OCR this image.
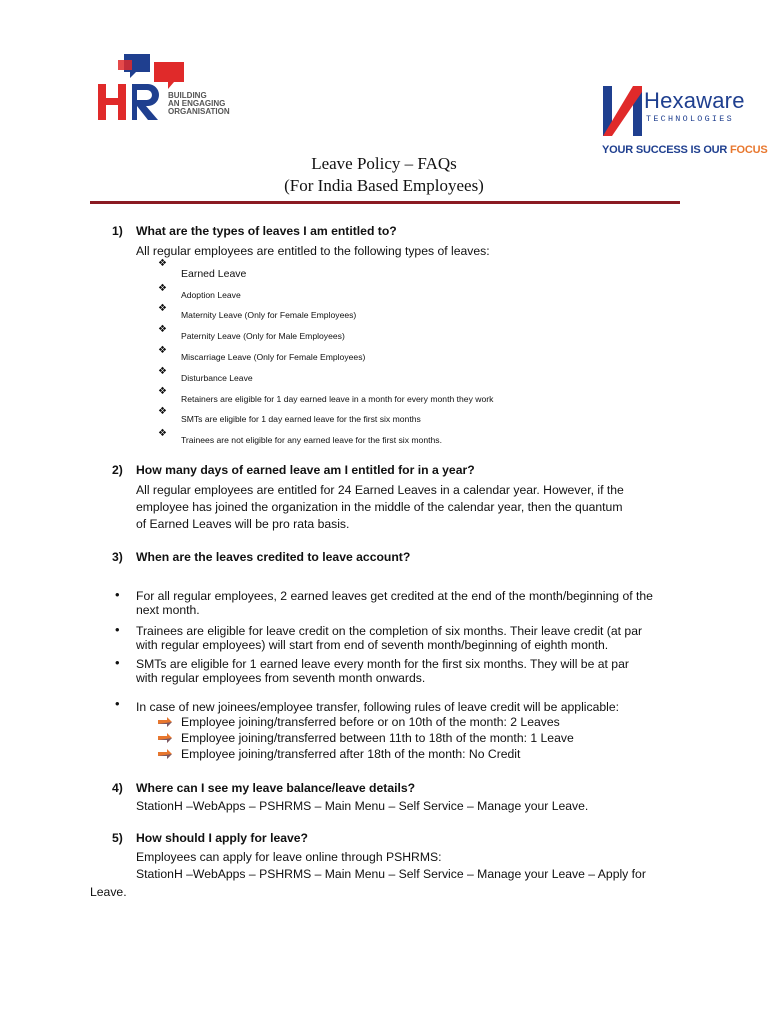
BUILDING
AN ENGAGING
ORGANISATION	Hexaware
TECHNOLOGIES
YOUR SUCCESS IS OUR FOCUS
Leave Policy – FAQs
(For India Based Employees)
1) What are the types of leaves I am entitled to?
All regular employees are entitled to the following types of leaves:
❖
Earned Leave
❖
Adoption Leave
❖
Maternity Leave (Only for Female Employees)
❖
Paternity Leave (Only for Male Employees)
❖
Miscarriage Leave (Only for Female Employees)
❖
Disturbance Leave
❖
Retainers are eligible for 1 day earned leave in a month for every month they work
❖
SMTs are eligible for 1 day earned leave for the first six months
❖
Trainees are not eligible for any earned leave for the first six months.
2) How many days of earned leave am I entitled for in a year?
All regular employees are entitled for 24 Earned Leaves in a calendar year. However, if the
employee has joined the organization in the middle of the calendar year, then the quantum
of Earned Leaves will be pro rata basis.
3) When are the leaves credited to leave account?
• For all regular employees, 2 earned leaves get credited at the end of the month/beginning of the
next month.
• Trainees are eligible for leave credit on the completion of six months. Their leave credit (at par
with regular employees) will start from end of seventh month/beginning of eighth month.
• SMTs are eligible for 1 earned leave every month for the first six months. They will be at par
with regular employees from seventh month onwards.
• In case of new joinees/employee transfer, following rules of leave credit will be applicable:
Employee joining/transferred before or on 10th of the month: 2 Leaves
Employee joining/transferred between 11th to 18th of the month: 1 Leave
Employee joining/transferred after 18th of the month: No Credit
4) Where can I see my leave balance/leave details?
StationH –WebApps – PSHRMS – Main Menu – Self Service – Manage your Leave.
5) How should I apply for leave?
Employees can apply for leave online through PSHRMS:
StationH –WebApps – PSHRMS – Main Menu – Self Service – Manage your Leave – Apply for
Leave.
